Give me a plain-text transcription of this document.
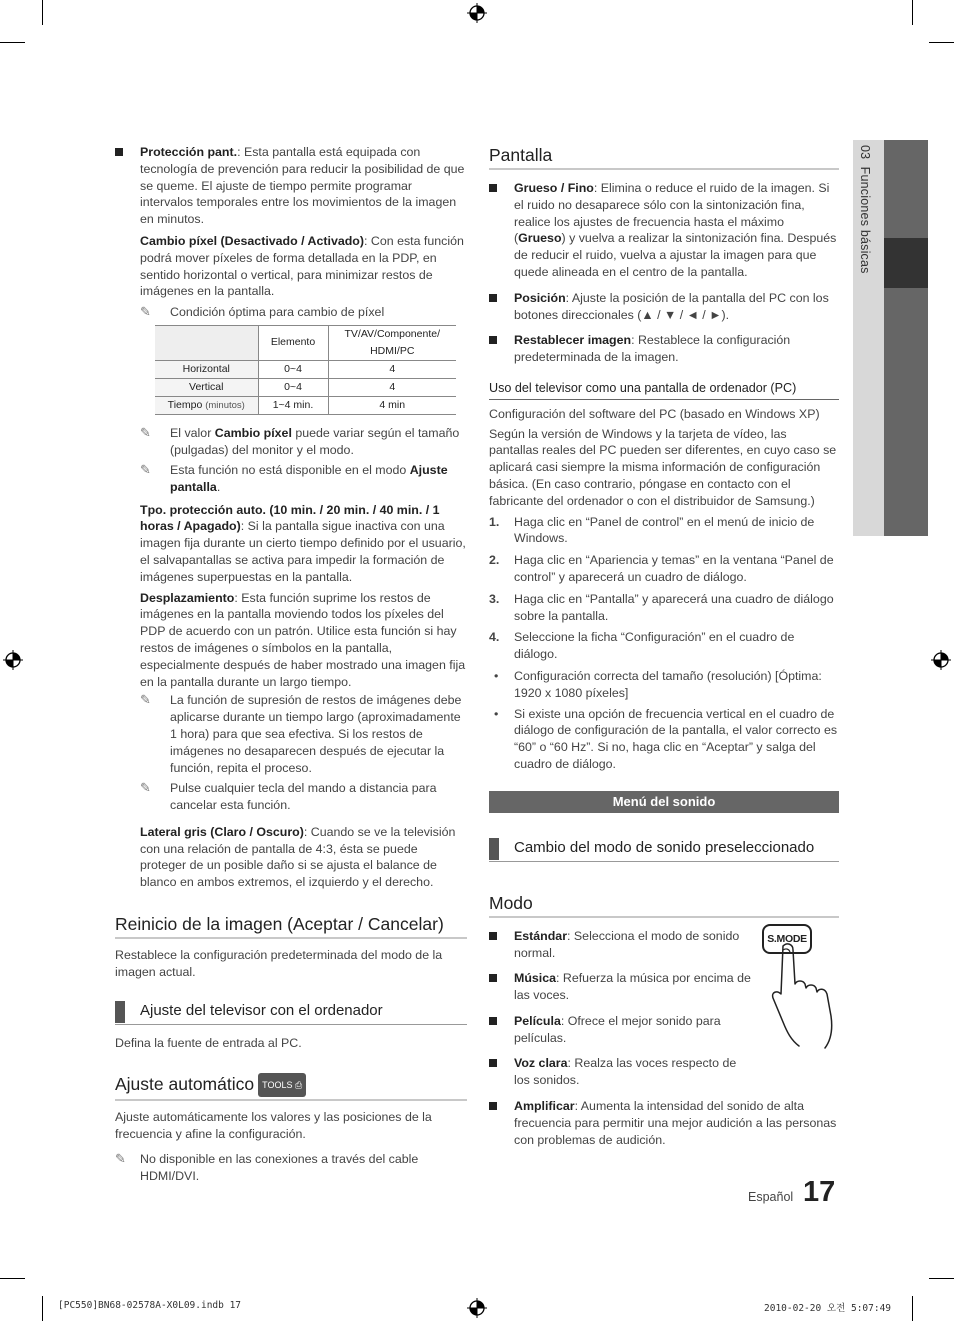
03  Funciones básicas

Protección pant.: Esta pantalla está equipada con tecnología de prevención para reducir la posibilidad de que se queme. El ajuste de tiempo permite programar intervalos temporales entre los movimientos de la imagen en minutos.

Cambio píxel (Desactivado / Activado): Con esta función podrá mover píxeles de forma detallada en la PDP, en sentido horizontal o vertical, para minimizar restos de imágenes en la pantalla.

✎ Condición óptima para cambio de píxel

	Elemento	TV/AV/Componente/ HDMI/PC
Horizontal	0~4	4
Vertical	0~4	4
Tiempo (minutos)	1~4 min.	4 min
✎ El valor Cambio píxel puede variar según el tamaño (pulgadas) del monitor y el modo.

✎ Esta función no está disponible en el modo Ajuste pantalla.

Tpo. protección auto. (10 min. / 20 min. / 40 min. / 1 horas / Apagado): Si la pantalla sigue inactiva con una imagen fija durante un cierto tiempo definido por el usuario, el salvapantallas se activa para impedir la formación de imágenes superpuestas en la pantalla.

Desplazamiento: Esta función suprime los restos de imágenes en la pantalla moviendo todos los píxeles del PDP de acuerdo con un patrón. Utilice esta función si hay restos de imágenes o símbolos en la pantalla, especialmente después de haber mostrado una imagen fija en la pantalla durante un largo tiempo.

✎ La función de supresión de restos de imágenes debe aplicarse durante un tiempo largo (aproximadamente 1 hora) para que sea efectiva. Si los restos de imágenes no desaparecen después de ejecutar la función, repita el proceso.

✎ Pulse cualquier tecla del mando a distancia para cancelar esta función.

Lateral gris (Claro / Oscuro): Cuando se ve la televisión con una relación de pantalla de 4:3, ésta se puede proteger de un posible daño si se ajusta el balance de blanco en ambos extremos, el izquierdo y el derecho.

Reinicio de la imagen (Aceptar / Cancelar)

Restablece la configuración predeterminada del modo de la imagen actual.

Ajuste del televisor con el ordenador

Defina la fuente de entrada al PC.

Ajuste automático TOOLS ⎙

Ajuste automáticamente los valores y las posiciones de la frecuencia y afine la configuración.

✎ No disponible en las conexiones a través del cable HDMI/DVI.

Pantalla

Grueso / Fino: Elimina o reduce el ruido de la imagen. Si el ruido no desaparece sólo con la sintonización fina, realice los ajustes de frecuencia hasta el máximo (Grueso) y vuelva a realizar la sintonización fina. Después de reducir el ruido, vuelva a ajustar la imagen para que quede alineada en el centro de la pantalla.

Posición: Ajuste la posición de la pantalla del PC con los botones direccionales (▲ / ▼ / ◄ / ►).

Restablecer imagen: Restablece la configuración predeterminada de la imagen.

Uso del televisor como una pantalla de ordenador (PC)

Configuración del software del PC (basado en Windows XP)

Según la versión de Windows y la tarjeta de vídeo, las pantallas reales del PC pueden ser diferentes, en cuyo caso se aplicará casi siempre la misma información de configuración básica. (En caso contrario, póngase en contacto con el fabricante del ordenador o con el distribuidor de Samsung.)

1. Haga clic en “Panel de control” en el menú de inicio de Windows.

2. Haga clic en “Apariencia y temas” en la ventana “Panel de control” y aparecerá un cuadro de diálogo.

3. Haga clic en “Pantalla” y aparecerá una cuadro de diálogo sobre la pantalla.

4. Seleccione la ficha “Configuración” en el cuadro de diálogo.

• Configuración correcta del tamaño (resolución) [Óptima: 1920 x 1080 píxeles]

• Si existe una opción de frecuencia vertical en el cuadro de diálogo de configuración de la pantalla, el valor correcto es “60” o “60 Hz”. Si no, haga clic en “Aceptar” y salga del cuadro de diálogo.

Menú del sonido
Cambio del modo de sonido preseleccionado
Modo

Estándar: Selecciona el modo de sonido normal.

Música: Refuerza la música por encima de las voces.

Película: Ofrece el mejor sonido para películas.

Voz clara: Realza las voces respecto de los sonidos.

Amplificar: Aumenta la intensidad del sonido de alta frecuencia para permitir una mejor audición a las personas con problemas de audición.

S.MODE
Español 17
[PC550]BN68-02578A-X0L09.indb 17	2010-02-20 오전 5:07:49
